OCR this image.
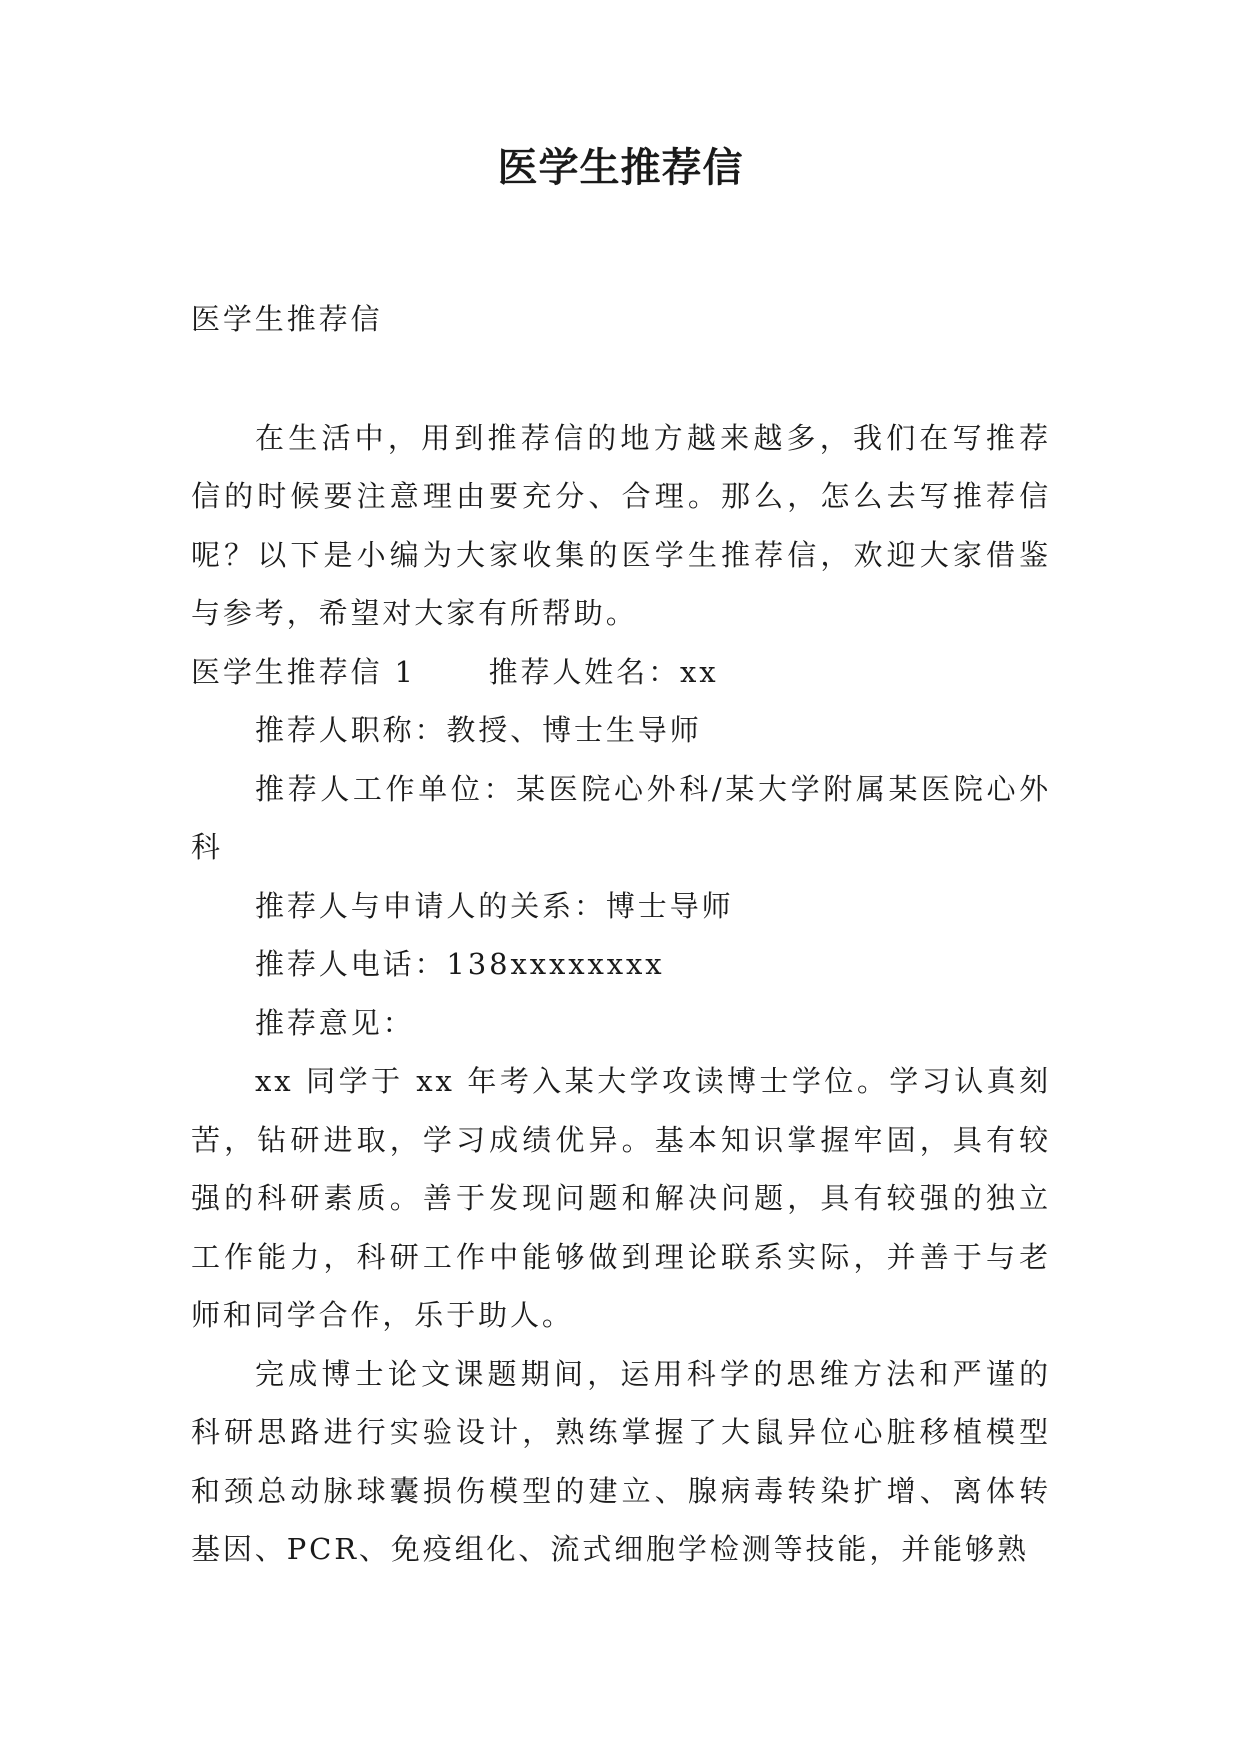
医学生推荐信

医学生推荐信

在生活中，用到推荐信的地方越来越多，我们在写推荐信的时候要注意理由要充分、合理。那么，怎么去写推荐信呢？以下是小编为大家收集的医学生推荐信，欢迎大家借鉴与参考，希望对大家有所帮助。

医学生推荐信 1      推荐人姓名：xx

推荐人职称：教授、博士生导师

推荐人工作单位：某医院心外科/某大学附属某医院心外科

推荐人与申请人的关系：博士导师

推荐人电话：138xxxxxxxx

推荐意见：

xx 同学于 xx 年考入某大学攻读博士学位。学习认真刻苦，钻研进取，学习成绩优异。基本知识掌握牢固，具有较强的科研素质。善于发现问题和解决问题，具有较强的独立工作能力，科研工作中能够做到理论联系实际，并善于与老师和同学合作，乐于助人。

完成博士论文课题期间，运用科学的思维方法和严谨的科研思路进行实验设计，熟练掌握了大鼠异位心脏移植模型和颈总动脉球囊损伤模型的建立、腺病毒转染扩增、离体转基因、PCR、免疫组化、流式细胞学检测等技能，并能够熟
